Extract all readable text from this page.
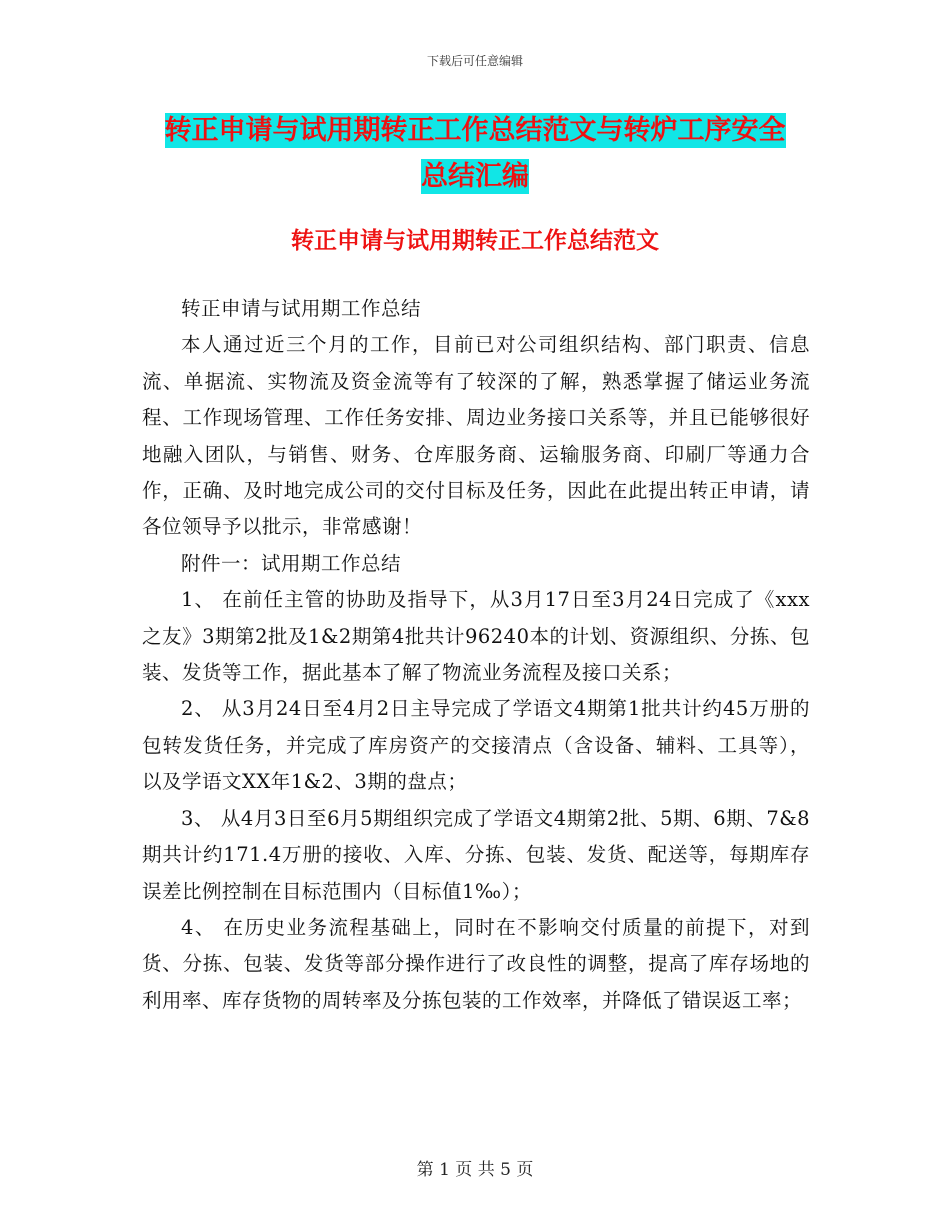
下载后可任意编辑
转正申请与试用期转正工作总结范文与转炉工序安全
总结汇编
转正申请与试用期转正工作总结范文

转正申请与试用期工作总结

本人通过近三个月的工作，目前已对公司组织结构、部门职责、信息流、单据流、实物流及资金流等有了较深的了解，熟悉掌握了储运业务流程、工作现场管理、工作任务安排、周边业务接口关系等，并且已能够很好地融入团队，与销售、财务、仓库服务商、运输服务商、印刷厂等通力合作，正确、及时地完成公司的交付目标及任务，因此在此提出转正申请，请各位领导予以批示，非常感谢！

附件一：试用期工作总结

1、 在前任主管的协助及指导下，从3月17日至3月24日完成了《xxx之友》3期第2批及1&2期第4批共计96240本的计划、资源组织、分拣、包装、发货等工作，据此基本了解了物流业务流程及接口关系；

2、 从3月24日至4月2日主导完成了学语文4期第1批共计约45万册的包转发货任务，并完成了库房资产的交接清点（含设备、辅料、工具等），以及学语文XX年1&2、3期的盘点；

3、 从4月3日至6月5期组织完成了学语文4期第2批、5期、6期、7&8期共计约171.4万册的接收、入库、分拣、包装、发货、配送等，每期库存误差比例控制在目标范围内（目标值1‰）；

4、 在历史业务流程基础上，同时在不影响交付质量的前提下，对到货、分拣、包装、发货等部分操作进行了改良性的调整，提高了库存场地的利用率、库存货物的周转率及分拣包装的工作效率，并降低了错误返工率；

第 1 页 共 5 页
